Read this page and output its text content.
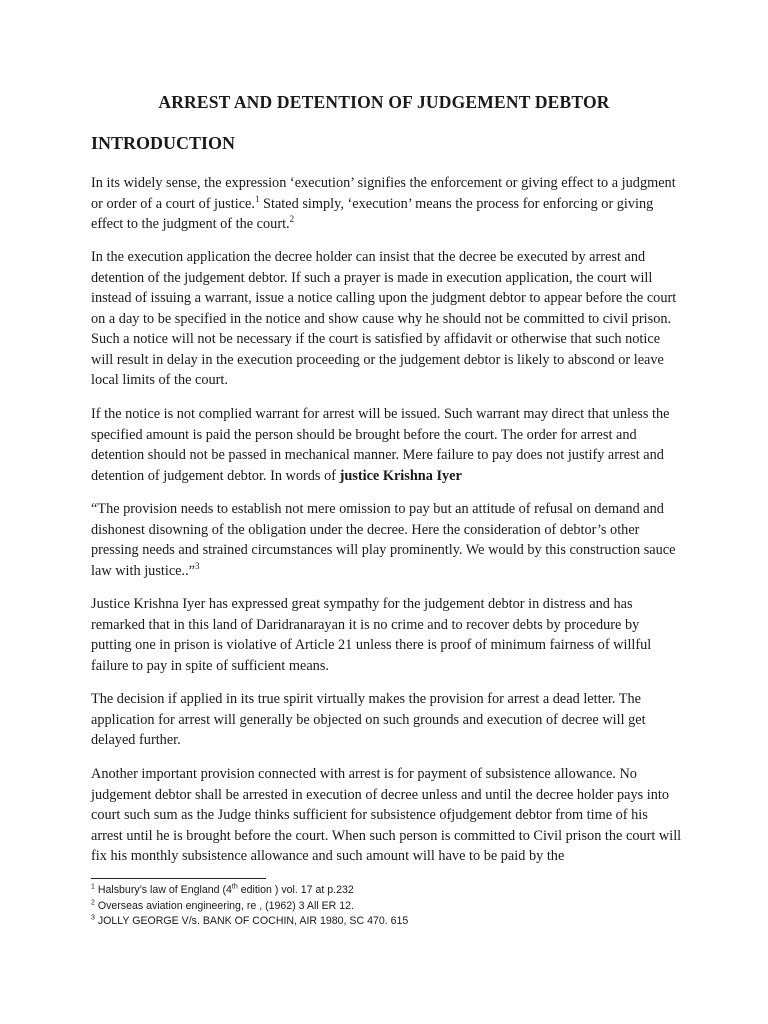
ARREST AND DETENTION OF JUDGEMENT DEBTOR
INTRODUCTION

In its widely sense, the expression ‘execution’ signifies the enforcement or giving effect to a judgment or order of a court of justice.$^1$ Stated simply, ‘execution’ means the process for enforcing or giving effect to the judgment of the court.$^2$

In the execution application the decree holder can insist that the decree be executed by arrest and detention of the judgement debtor. If such a prayer is made in execution application, the court will instead of issuing a warrant, issue a notice calling upon the judgment debtor to appear before the court on a day to be specified in the notice and show cause why he should not be committed to civil prison. Such a notice will not be necessary if the court is satisfied by affidavit or otherwise that such notice will result in delay in the execution proceeding or the judgement debtor is likely to abscond or leave local limits of the court.

If the notice is not complied warrant for arrest will be issued. Such warrant may direct that unless the specified amount is paid the person should be brought before the court. The order for arrest and detention should not be passed in mechanical manner. Mere failure to pay does not justify arrest and detention of judgement debtor. In words of justice Krishna Iyer

“The provision needs to establish not mere omission to pay but an attitude of refusal on demand and dishonest disowning of the obligation under the decree. Here the consideration of debtor’s other pressing needs and strained circumstances will play prominently. We would by this construction sauce law with justice..”$^3$

Justice Krishna Iyer has expressed great sympathy for the judgement debtor in distress and has remarked that in this land of Daridranarayan it is no crime and to recover debts by procedure by putting one in prison is violative of Article 21 unless there is proof of minimum fairness of willful failure to pay in spite of sufficient means.

The decision if applied in its true spirit virtually makes the provision for arrest a dead letter. The application for arrest will generally be objected on such grounds and execution of decree will get delayed further.

Another important provision connected with arrest is for payment of subsistence allowance. No judgement debtor shall be arrested in execution of decree unless and until the decree holder pays into court such sum as the Judge thinks sufficient for subsistence ofjudgement debtor from time of his arrest until he is brought before the court. When such person is committed to Civil prison the court will fix his monthly subsistence allowance and such amount will have to be paid by the

$^1$ Halsbury’s law of England (4th edition ) vol. 17 at p.232
$^2$ Overseas aviation engineering, re , (1962) 3 All ER 12.
$^3$ JOLLY GEORGE V/s. BANK OF COCHIN, AIR 1980, SC 470. 615
